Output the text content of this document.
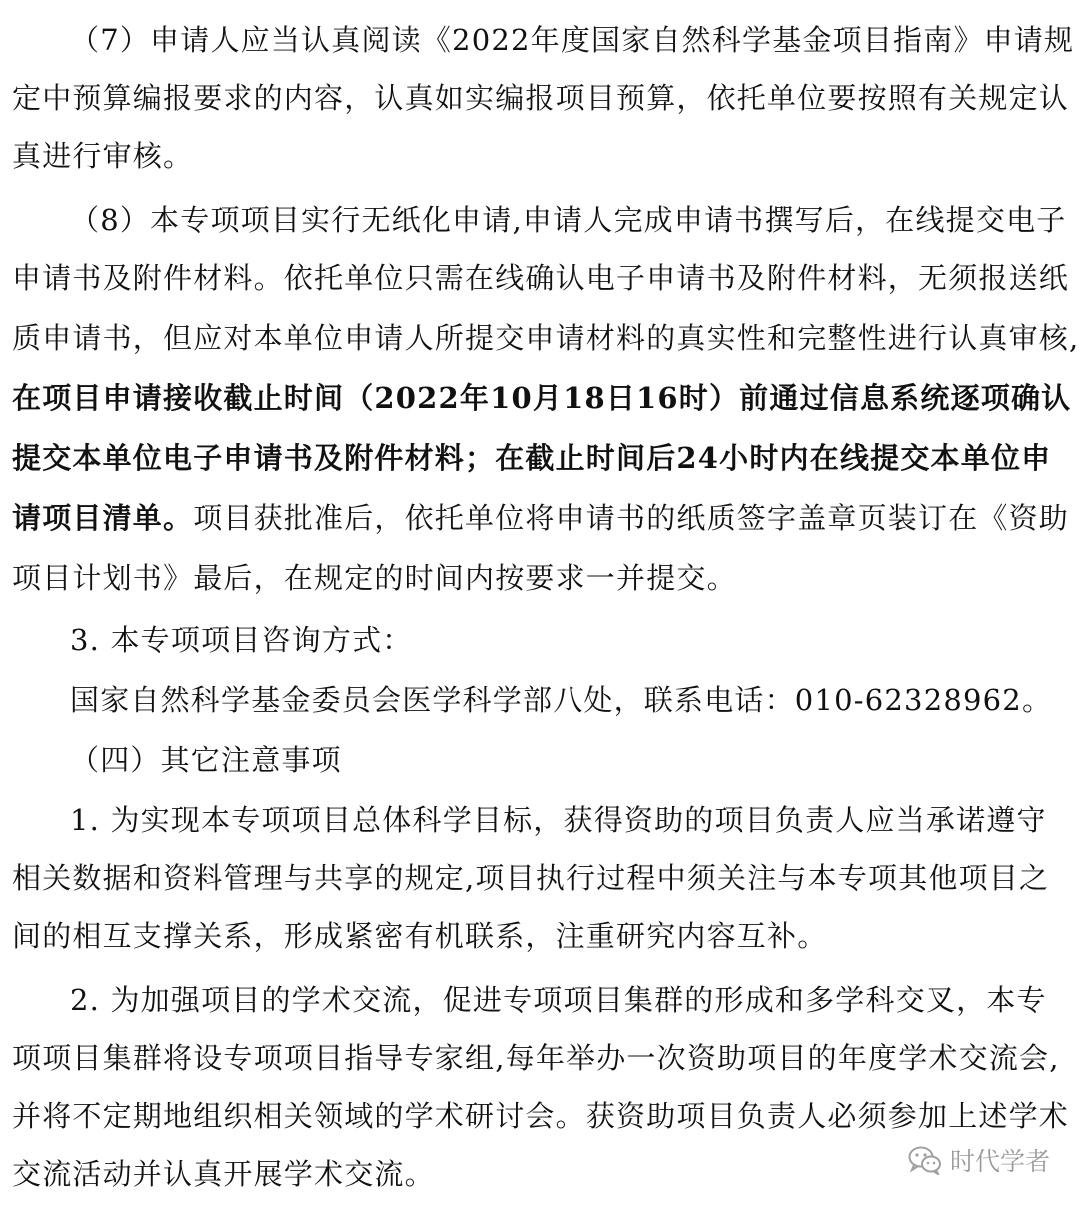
（7）申请人应当认真阅读《2022年度国家自然科学基金项目指南》申请规
定中预算编报要求的内容，认真如实编报项目预算，依托单位要按照有关规定认
真进行审核。
（8）本专项项目实行无纸化申请,申请人完成申请书撰写后，在线提交电子
申请书及附件材料。依托单位只需在线确认电子申请书及附件材料，无须报送纸
质申请书，但应对本单位申请人所提交申请材料的真实性和完整性进行认真审核,
在项目申请接收截止时间（2022年10月18日16时）前通过信息系统逐项确认
提交本单位电子申请书及附件材料；在截止时间后24小时内在线提交本单位申
请项目清单。项目获批准后，依托单位将申请书的纸质签字盖章页装订在《资助
项目计划书》最后，在规定的时间内按要求一并提交。
3. 本专项项目咨询方式：
国家自然科学基金委员会医学科学部八处，联系电话：010-62328962。
（四）其它注意事项
1. 为实现本专项项目总体科学目标，获得资助的项目负责人应当承诺遵守
相关数据和资料管理与共享的规定,项目执行过程中须关注与本专项其他项目之
间的相互支撑关系，形成紧密有机联系，注重研究内容互补。
2. 为加强项目的学术交流，促进专项项目集群的形成和多学科交叉，本专
项项目集群将设专项项目指导专家组,每年举办一次资助项目的年度学术交流会,
并将不定期地组织相关领域的学术研讨会。获资助项目负责人必须参加上述学术
交流活动并认真开展学术交流。	时代学者
